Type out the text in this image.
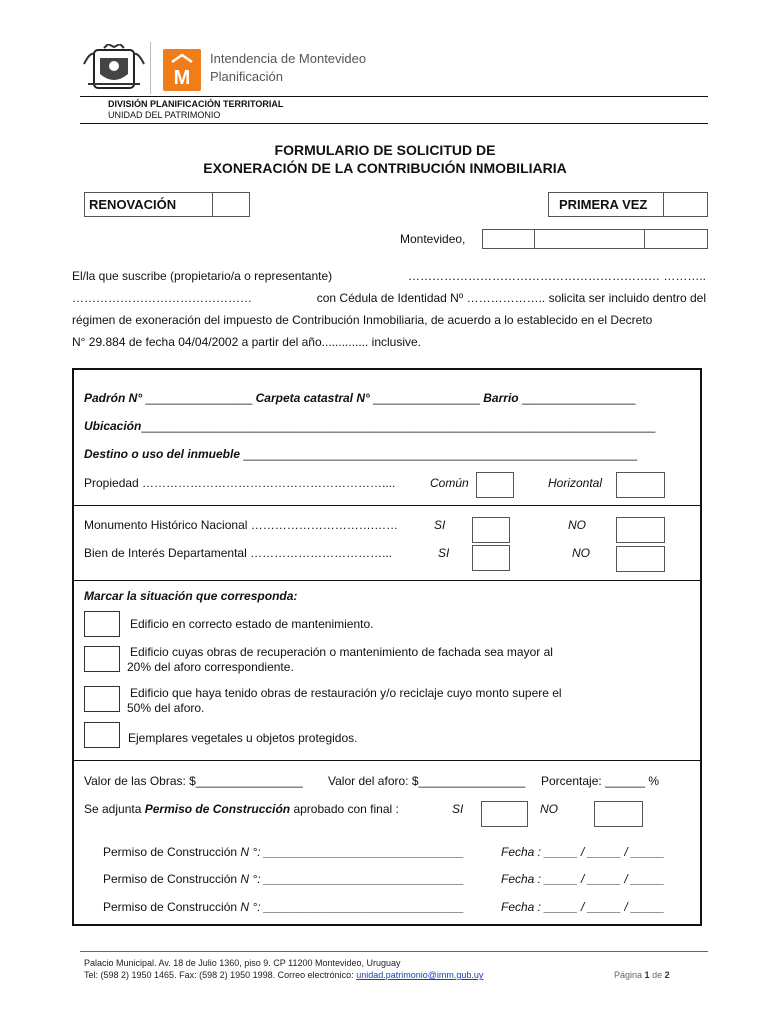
M
Intendencia de Montevideo
Planificación
DIVISIÓN PLANIFICACIÓN TERRITORIAL
UNIDAD DEL PATRIMONIO
FORMULARIO DE SOLICITUD DE
EXONERACIÓN DE LA CONTRIBUCIÓN INMOBILIARIA
RENOVACIÓN	PRIMERA VEZ
Montevideo,
El/la que suscribe (propietario/a o representante)	……………………………………………………… ………..
………………………………………	con Cédula de Identidad Nº ……………….. solicita ser incluido dentro del
régimen de exoneración del impuesto de Contribución Inmobiliaria, de acuerdo a lo establecido en el Decreto
N° 29.884 de fecha 04/04/2002 a partir del año.............. inclusive.
Padrón N° ________________ Carpeta catastral N° ________________ Barrio _________________
Ubicación_____________________________________________________________________________
Destino o uso del inmueble ___________________________________________________________
Propiedad ……………………………………………………....	Común	Horizontal
Monumento Histórico Nacional ………………………….……	SI	NO
Bien de Interés Departamental ……………………………...	SI	NO
Marcar la situación que corresponda:
Edificio en correcto estado de mantenimiento.
Edificio cuyas obras de recuperación o mantenimiento de fachada sea mayor al
20% del aforo correspondiente.
Edificio que haya tenido obras de restauración y/o reciclaje cuyo monto supere el
50% del aforo.
Ejemplares vegetales u objetos protegidos.
Valor de las Obras: $________________ Valor del aforo: $________________ Porcentaje: ______ %
Se adjunta Permiso de Construcción aprobado con final :	SI	NO
Permiso de Construcción N °: ______________________________	Fecha : _____ / _____ / _____
Permiso de Construcción N °: ______________________________	Fecha : _____ / _____ / _____
Permiso de Construcción N °: ______________________________	Fecha : _____ / _____ / _____
Palacio Municipal. Av. 18 de Julio 1360, piso 9. CP 11200 Montevideo, Uruguay
Tel: (598 2) 1950 1465. Fax: (598 2) 1950 1998. Correo electrónico: unidad.patrimonio@imm.gub.uy	Página 1 de 2
